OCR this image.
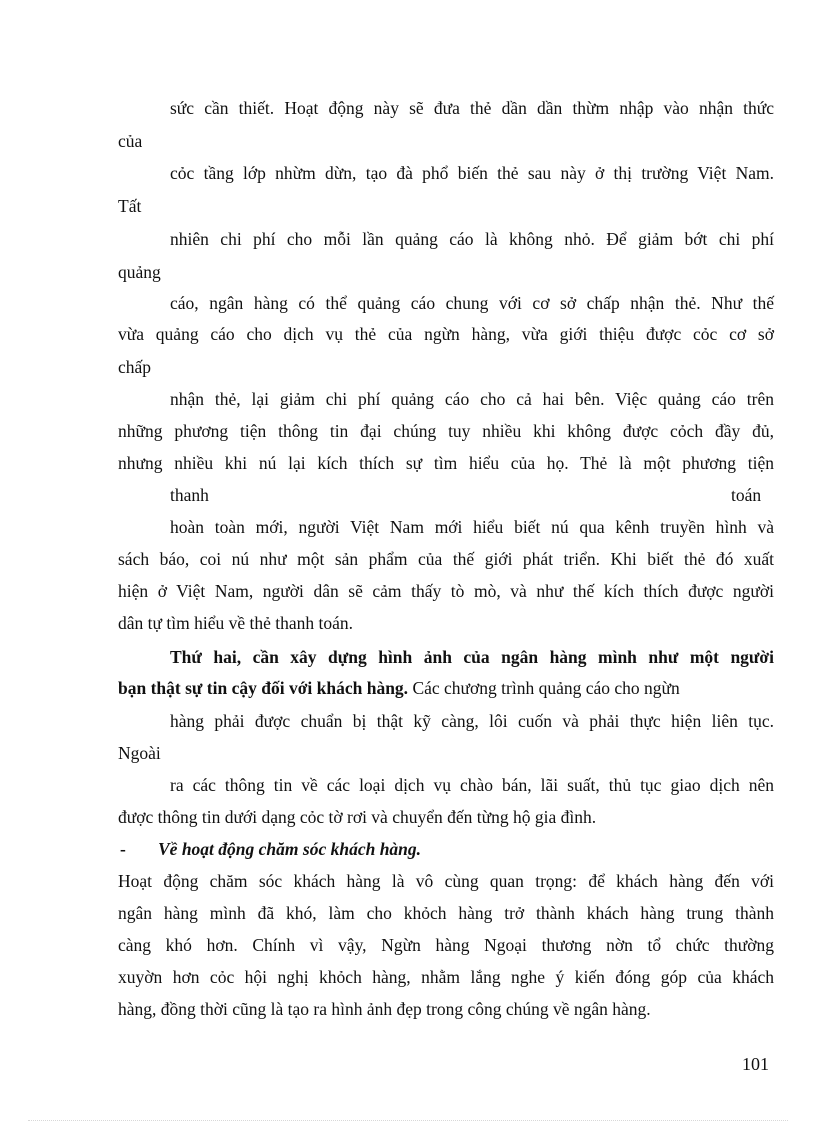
sức cần thiết. Hoạt động này sẽ đưa thẻ dần dần thừm nhập vào nhận thức
của
cỏc tầng lớp nhừm dừn, tạo đà phổ biến thẻ sau này ở thị trường Việt Nam.
Tất
nhiên chi phí cho mỗi lần quảng cáo là không nhỏ. Để giảm bớt chi phí
quảng
cáo, ngân hàng có thể quảng cáo chung với cơ sở chấp nhận thẻ. Như thế
vừa quảng cáo cho dịch vụ thẻ của ngừn hàng, vừa giới thiệu được cỏc cơ sở
chấp
nhận thẻ, lại giảm chi phí quảng cáo cho cả hai bên. Việc quảng cáo trên
những phương tiện thông tin đại chúng tuy nhiều khi không được cỏch đầy đủ,
nhưng nhiều khi nú lại kích thích sự tìm hiểu của họ. Thẻ là một phương tiện
thanh	toán
hoàn toàn mới, người Việt Nam mới hiểu biết nú qua kênh truyền hình và
sách báo, coi nú như một sản phẩm của thế giới phát triển. Khi biết thẻ đó xuất
hiện ở Việt Nam, người dân sẽ cảm thấy tò mò, và như thế kích thích được người
dân tự tìm hiểu về thẻ thanh toán.
Thứ hai, cần xây dựng hình ảnh của ngân hàng mình như một người
bạn thật sự tin cậy đối với khách hàng. Các chương trình quảng cáo cho ngừn
hàng phải được chuẩn bị thật kỹ càng, lôi cuốn và phải thực hiện liên tục.
Ngoài
ra các thông tin về các loại dịch vụ chào bán, lãi suất, thủ tục giao dịch nên
được thông tin dưới dạng cỏc tờ rơi và chuyển đến từng hộ gia đình.
- Về hoạt động chăm sóc khách hàng.
Hoạt động chăm sóc khách hàng là vô cùng quan trọng: để khách hàng đến với
ngân hàng mình đã khó, làm cho khỏch hàng trở thành khách hàng trung thành
càng khó hơn. Chính vì vậy, Ngừn hàng Ngoại thương nờn tổ chức thường
xuyờn hơn cỏc hội nghị khỏch hàng, nhằm lắng nghe ý kiến đóng góp của khách
hàng, đồng thời cũng là tạo ra hình ảnh đẹp trong công chúng về ngân hàng.
101
